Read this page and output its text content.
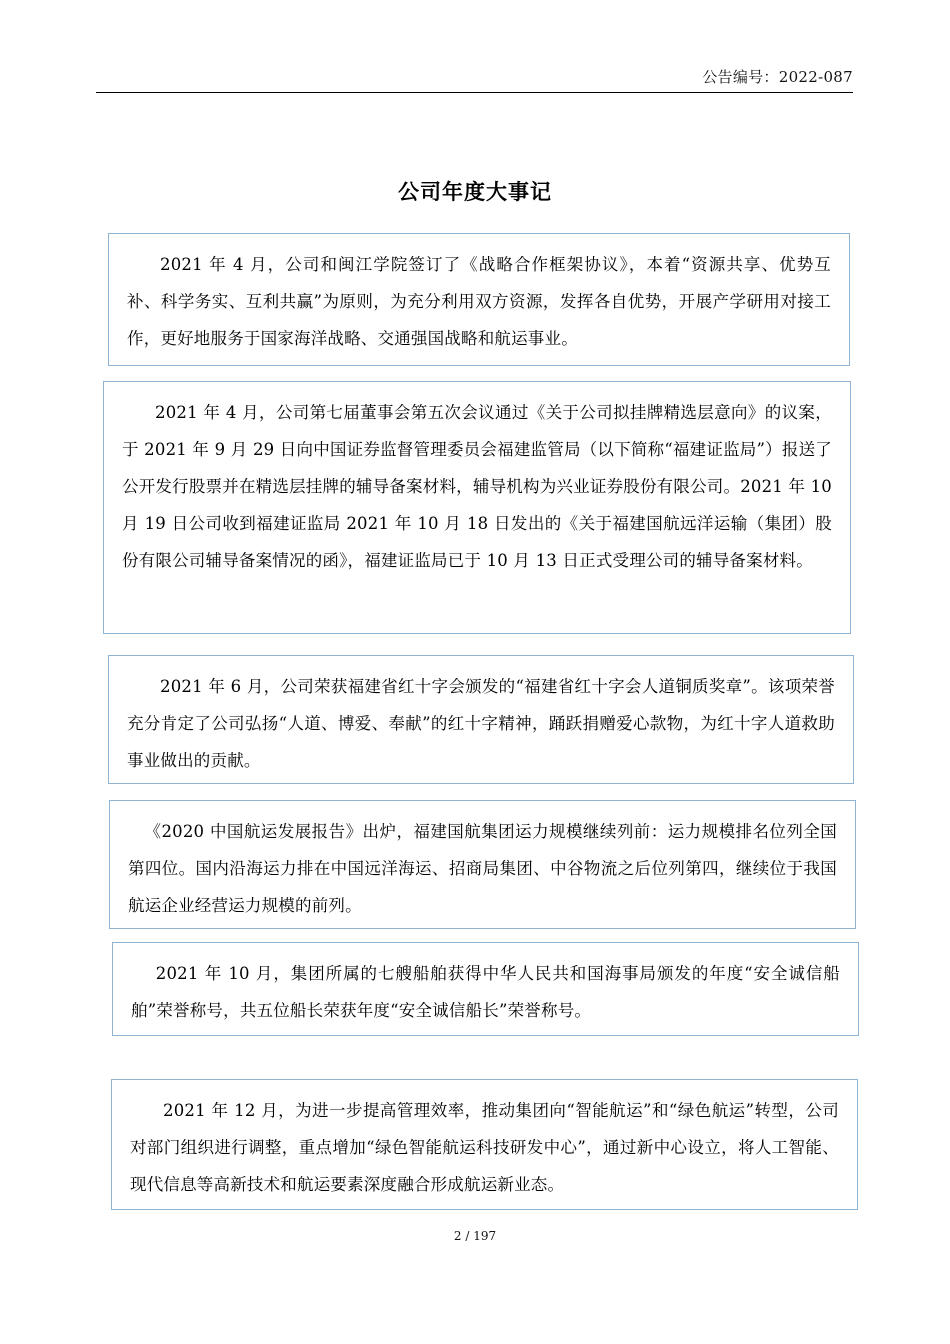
公告编号：2022-087
公司年度大事记
2021 年 4 月，公司和闽江学院签订了《战略合作框架协议》，本着“资源共享、优势互补、科学务实、互利共赢”为原则，为充分利用双方资源，发挥各自优势，开展产学研用对接工作，更好地服务于国家海洋战略、交通强国战略和航运事业。
2021 年 4 月，公司第七届董事会第五次会议通过《关于公司拟挂牌精选层意向》的议案，于 2021 年 9 月 29 日向中国证券监督管理委员会福建监管局（以下简称“福建证监局”）报送了公开发行股票并在精选层挂牌的辅导备案材料，辅导机构为兴业证券股份有限公司。2021 年 10 月 19 日公司收到福建证监局 2021 年 10 月 18 日发出的《关于福建国航远洋运输（集团）股份有限公司辅导备案情况的函》，福建证监局已于 10 月 13 日正式受理公司的辅导备案材料。
2021 年 6 月，公司荣获福建省红十字会颁发的“福建省红十字会人道铜质奖章”。该项荣誉充分肯定了公司弘扬“人道、博爱、奉献”的红十字精神，踊跃捐赠爱心款物，为红十字人道救助事业做出的贡献。
《2020 中国航运发展报告》出炉，福建国航集团运力规模继续列前：运力规模排名位列全国第四位。国内沿海运力排在中国远洋海运、招商局集团、中谷物流之后位列第四，继续位于我国航运企业经营运力规模的前列。
2021 年 10 月，集团所属的七艘船舶获得中华人民共和国海事局颁发的年度“安全诚信船舶”荣誉称号，共五位船长荣获年度“安全诚信船长”荣誉称号。
2021 年 12 月，为进一步提高管理效率，推动集团向“智能航运”和“绿色航运”转型，公司对部门组织进行调整，重点增加“绿色智能航运科技研发中心”，通过新中心设立，将人工智能、现代信息等高新技术和航运要素深度融合形成航运新业态。
2 / 197
